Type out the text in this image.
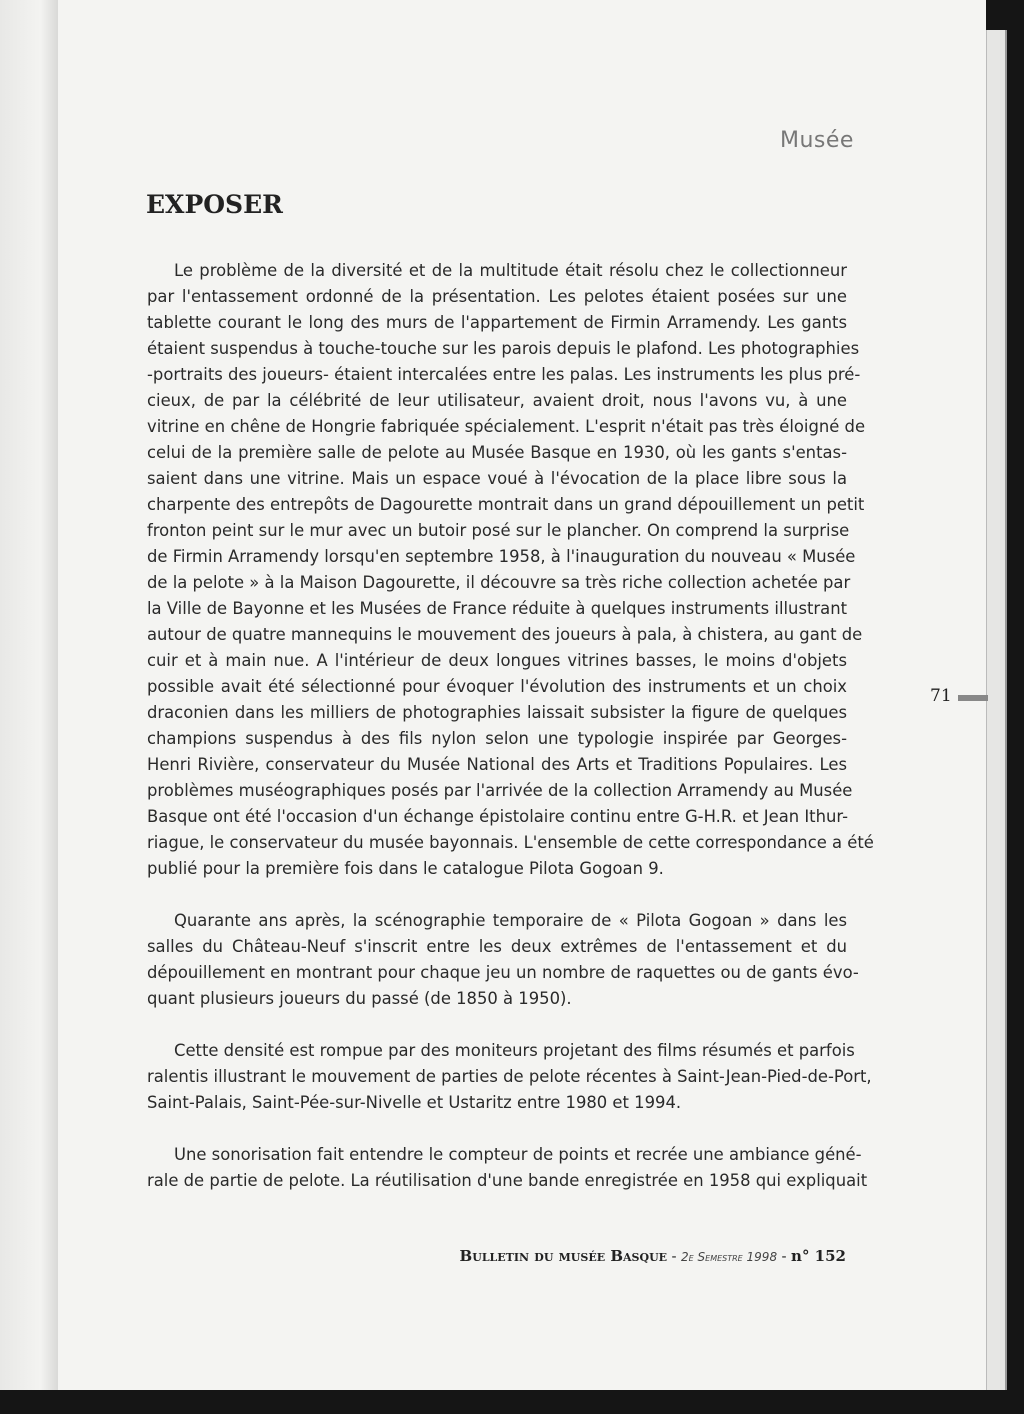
Musée
EXPOSER
Le problème de la diversité et de la multitude était résolu chez le collectionneur
par l'entassement ordonné de la présentation. Les pelotes étaient posées sur une
tablette courant le long des murs de l'appartement de Firmin Arramendy. Les gants
étaient suspendus à touche-touche sur les parois depuis le plafond. Les photographies
-portraits des joueurs- étaient intercalées entre les palas. Les instruments les plus pré-
cieux, de par la célébrité de leur utilisateur, avaient droit, nous l'avons vu, à une
vitrine en chêne de Hongrie fabriquée spécialement. L'esprit n'était pas très éloigné de
celui de la première salle de pelote au Musée Basque en 1930, où les gants s'entas-
saient dans une vitrine. Mais un espace voué à l'évocation de la place libre sous la
charpente des entrepôts de Dagourette montrait dans un grand dépouillement un petit
fronton peint sur le mur avec un butoir posé sur le plancher. On comprend la surprise
de Firmin Arramendy lorsqu'en septembre 1958, à l'inauguration du nouveau « Musée
de la pelote » à la Maison Dagourette, il découvre sa très riche collection achetée par
la Ville de Bayonne et les Musées de France réduite à quelques instruments illustrant
autour de quatre mannequins le mouvement des joueurs à pala, à chistera, au gant de
cuir et à main nue. A l'intérieur de deux longues vitrines basses, le moins d'objets
possible avait été sélectionné pour évoquer l'évolution des instruments et un choix
draconien dans les milliers de photographies laissait subsister la figure de quelques
champions suspendus à des fils nylon selon une typologie inspirée par Georges-
Henri Rivière, conservateur du Musée National des Arts et Traditions Populaires. Les
problèmes muséographiques posés par l'arrivée de la collection Arramendy au Musée
Basque ont été l'occasion d'un échange épistolaire continu entre G-H.R. et Jean Ithur-
riague, le conservateur du musée bayonnais. L'ensemble de cette correspondance a été
publié pour la première fois dans le catalogue Pilota Gogoan 9.
Quarante ans après, la scénographie temporaire de « Pilota Gogoan » dans les
salles du Château-Neuf s'inscrit entre les deux extrêmes de l'entassement et du
dépouillement en montrant pour chaque jeu un nombre de raquettes ou de gants évo-
quant plusieurs joueurs du passé (de 1850 à 1950).
Cette densité est rompue par des moniteurs projetant des films résumés et parfois
ralentis illustrant le mouvement de parties de pelote récentes à Saint-Jean-Pied-de-Port,
Saint-Palais, Saint-Pée-sur-Nivelle et Ustaritz entre 1980 et 1994.
Une sonorisation fait entendre le compteur de points et recrée une ambiance géné-
rale de partie de pelote. La réutilisation d'une bande enregistrée en 1958 qui expliquait
71
Bulletin du musée Basque - 2e Semestre 1998 - n° 152
